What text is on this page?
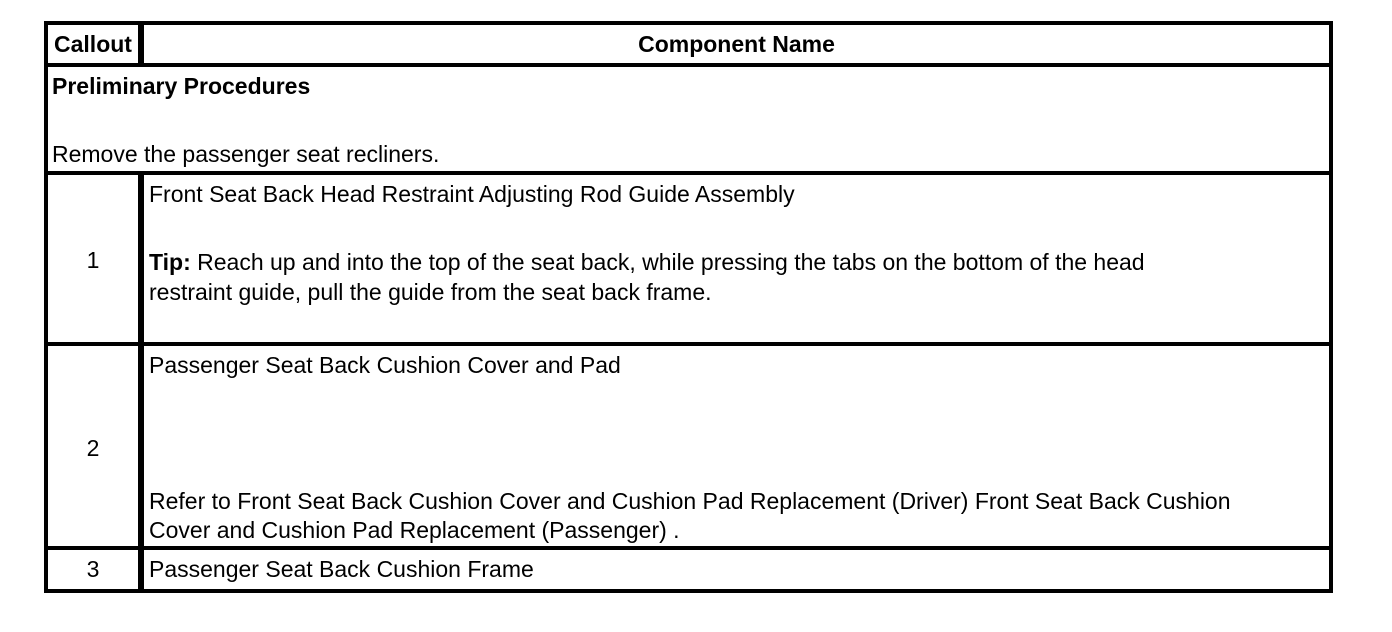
Callout	Component Name
Preliminary Procedures
Remove the passenger seat recliners.
1
Front Seat Back Head Restraint Adjusting Rod Guide Assembly
Tip: Reach up and into the top of the seat back, while pressing the tabs on the bottom of the head
restraint guide, pull the guide from the seat back frame.
2
Passenger Seat Back Cushion Cover and Pad
Refer to Front Seat Back Cushion Cover and Cushion Pad Replacement (Driver) Front Seat Back Cushion
Cover and Cushion Pad Replacement (Passenger) .
3	Passenger Seat Back Cushion Frame
